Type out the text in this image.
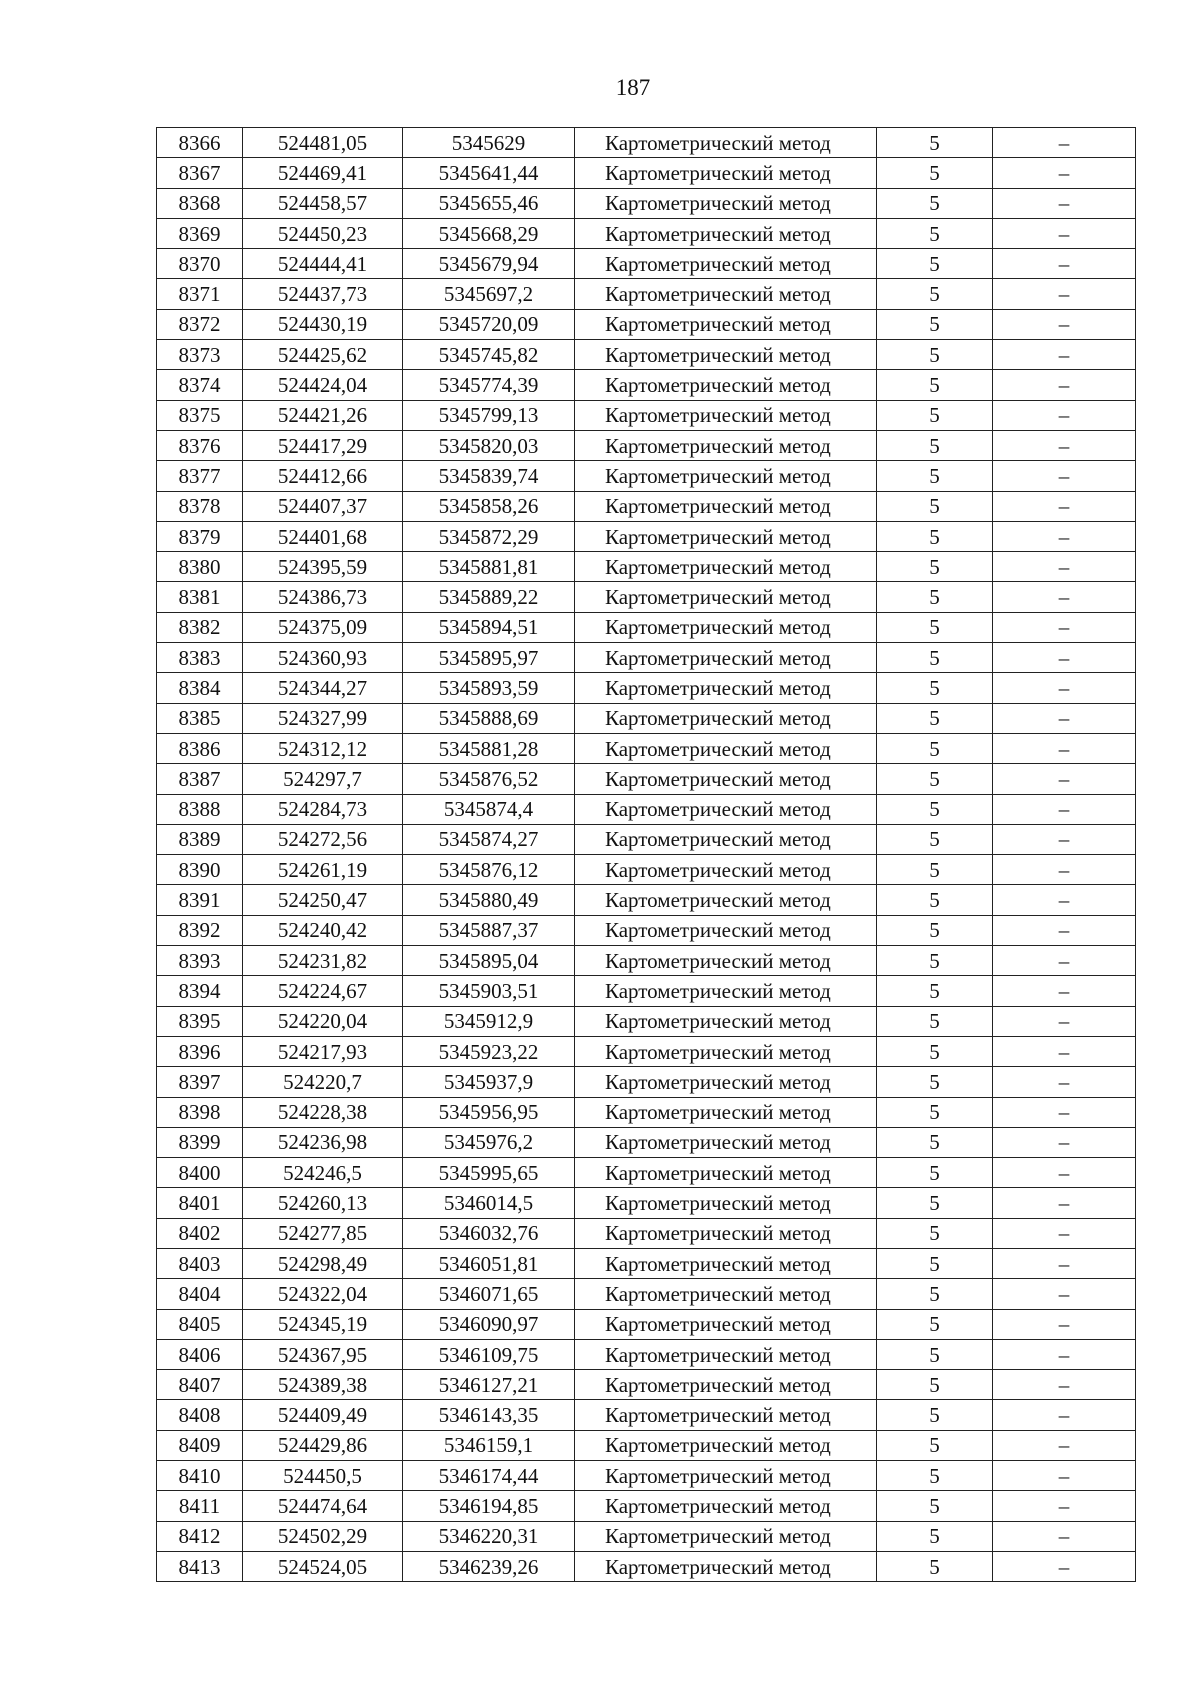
187
8366	524481,05	5345629	Картометрический метод	5	–
8367	524469,41	5345641,44	Картометрический метод	5	–
8368	524458,57	5345655,46	Картометрический метод	5	–
8369	524450,23	5345668,29	Картометрический метод	5	–
8370	524444,41	5345679,94	Картометрический метод	5	–
8371	524437,73	5345697,2	Картометрический метод	5	–
8372	524430,19	5345720,09	Картометрический метод	5	–
8373	524425,62	5345745,82	Картометрический метод	5	–
8374	524424,04	5345774,39	Картометрический метод	5	–
8375	524421,26	5345799,13	Картометрический метод	5	–
8376	524417,29	5345820,03	Картометрический метод	5	–
8377	524412,66	5345839,74	Картометрический метод	5	–
8378	524407,37	5345858,26	Картометрический метод	5	–
8379	524401,68	5345872,29	Картометрический метод	5	–
8380	524395,59	5345881,81	Картометрический метод	5	–
8381	524386,73	5345889,22	Картометрический метод	5	–
8382	524375,09	5345894,51	Картометрический метод	5	–
8383	524360,93	5345895,97	Картометрический метод	5	–
8384	524344,27	5345893,59	Картометрический метод	5	–
8385	524327,99	5345888,69	Картометрический метод	5	–
8386	524312,12	5345881,28	Картометрический метод	5	–
8387	524297,7	5345876,52	Картометрический метод	5	–
8388	524284,73	5345874,4	Картометрический метод	5	–
8389	524272,56	5345874,27	Картометрический метод	5	–
8390	524261,19	5345876,12	Картометрический метод	5	–
8391	524250,47	5345880,49	Картометрический метод	5	–
8392	524240,42	5345887,37	Картометрический метод	5	–
8393	524231,82	5345895,04	Картометрический метод	5	–
8394	524224,67	5345903,51	Картометрический метод	5	–
8395	524220,04	5345912,9	Картометрический метод	5	–
8396	524217,93	5345923,22	Картометрический метод	5	–
8397	524220,7	5345937,9	Картометрический метод	5	–
8398	524228,38	5345956,95	Картометрический метод	5	–
8399	524236,98	5345976,2	Картометрический метод	5	–
8400	524246,5	5345995,65	Картометрический метод	5	–
8401	524260,13	5346014,5	Картометрический метод	5	–
8402	524277,85	5346032,76	Картометрический метод	5	–
8403	524298,49	5346051,81	Картометрический метод	5	–
8404	524322,04	5346071,65	Картометрический метод	5	–
8405	524345,19	5346090,97	Картометрический метод	5	–
8406	524367,95	5346109,75	Картометрический метод	5	–
8407	524389,38	5346127,21	Картометрический метод	5	–
8408	524409,49	5346143,35	Картометрический метод	5	–
8409	524429,86	5346159,1	Картометрический метод	5	–
8410	524450,5	5346174,44	Картометрический метод	5	–
8411	524474,64	5346194,85	Картометрический метод	5	–
8412	524502,29	5346220,31	Картометрический метод	5	–
8413	524524,05	5346239,26	Картометрический метод	5	–
